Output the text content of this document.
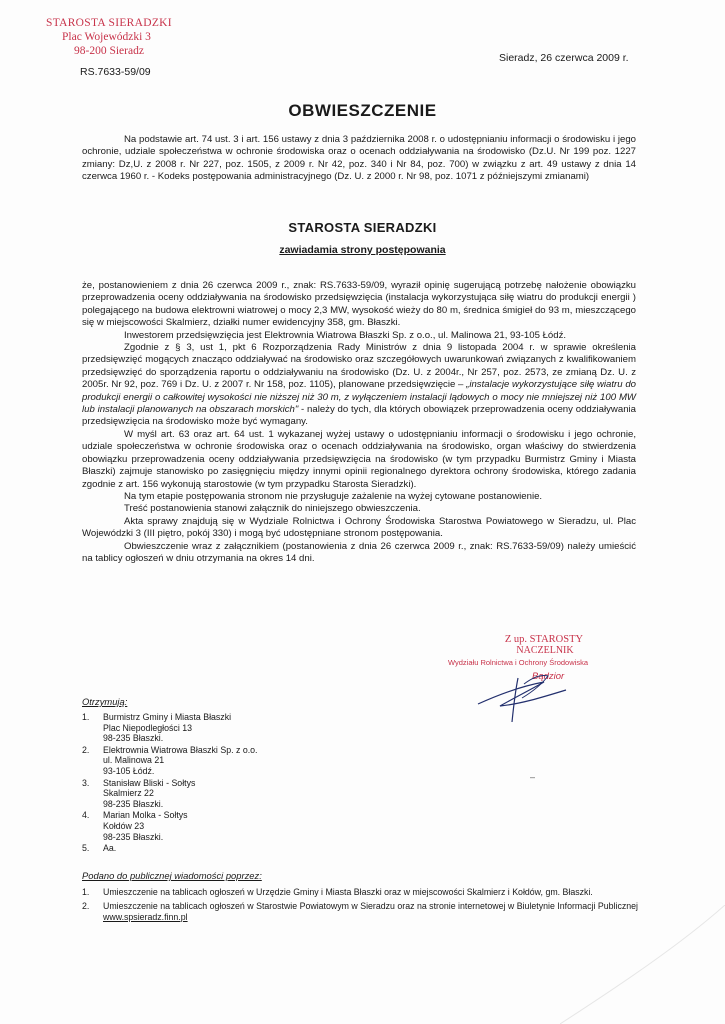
STAROSTA SIERADZKI
Plac Wojewódzki 3
98-200 Sieradz
RS.7633-59/09
Sieradz, 26 czerwca 2009 r.
OBWIESZCZENIE
Na podstawie art. 74 ust. 3 i art. 156 ustawy z dnia 3 października 2008 r. o udostępnianiu informacji o środowisku i jego ochronie, udziale społeczeństwa w ochronie środowiska oraz o ocenach oddziaływania na środowisko (Dz.U. Nr 199 poz. 1227 zmiany: Dz,U. z 2008 r. Nr 227, poz. 1505, z 2009 r. Nr 42, poz. 340 i Nr 84, poz. 700) w związku z art. 49 ustawy z dnia 14 czerwca 1960 r. - Kodeks postępowania administracyjnego (Dz. U. z 2000 r. Nr 98, poz. 1071 z późniejszymi zmianami)
STAROSTA SIERADZKI
zawiadamia strony postępowania

że, postanowieniem z dnia 26 czerwca 2009 r., znak: RS.7633-59/09, wyraził opinię sugerującą potrzebę nałożenie obowiązku przeprowadzenia oceny oddziaływania na środowisko przedsięwzięcia (instalacja wykorzystująca siłę wiatru do produkcji energii ) polegającego na budowa elektrowni wiatrowej o mocy 2,3 MW, wysokość wieży do 80 m, średnica śmigieł do 93 m, mieszczącego się w miejscowości Skalmierz, działki numer ewidencyjny 358, gm. Błaszki.

Inwestorem przedsięwzięcia jest Elektrownia Wiatrowa Błaszki Sp. z o.o., ul. Malinowa 21, 93-105 Łódź.

Zgodnie z § 3, ust 1, pkt 6 Rozporządzenia Rady Ministrów z dnia 9 listopada 2004 r. w sprawie określenia przedsięwzięć mogących znacząco oddziaływać na środowisko oraz szczegółowych uwarunkowań związanych z kwalifikowaniem przedsięwzięć do sporządzenia raportu o oddziaływaniu na środowisko (Dz. U. z 2004r., Nr 257, poz. 2573, ze zmianą Dz. U. z 2005r. Nr 92, poz. 769 i Dz. U. z 2007 r. Nr 158, poz. 1105), planowane przedsięwzięcie – „instalacje wykorzystujące siłę wiatru do produkcji energii o całkowitej wysokości nie niższej niż 30 m, z wyłączeniem instalacji lądowych o mocy nie mniejszej niż 100 MW lub instalacji planowanych na obszarach morskich" - należy do tych, dla których obowiązek przeprowadzenia oceny oddziaływania przedsięwzięcia na środowisko może być wymagany.

W myśl art. 63 oraz art. 64 ust. 1 wykazanej wyżej ustawy o udostępnianiu informacji o środowisku i jego ochronie, udziale społeczeństwa w ochronie środowiska oraz o ocenach oddziaływania na środowisko, organ właściwy do stwierdzenia obowiązku przeprowadzenia oceny oddziaływania przedsięwzięcia na środowisko (w tym przypadku Burmistrz Gminy i Miasta Błaszki) zajmuje stanowisko po zasięgnięciu między innymi opinii regionalnego dyrektora ochrony środowiska, którego zadania zgodnie z art. 156 wykonują starostowie (w tym przypadku Starosta Sieradzki).

Na tym etapie postępowania stronom nie przysługuje zażalenie na wyżej cytowane postanowienie.

Treść postanowienia stanowi załącznik do niniejszego obwieszczenia.

Akta sprawy znajdują się w Wydziale Rolnictwa i Ochrony Środowiska Starostwa Powiatowego w Sieradzu, ul. Plac Wojewódzki 3 (III piętro, pokój 330) i mogą być udostępniane stronom postępowania.

Obwieszczenie wraz z załącznikiem (postanowienia z dnia 26 czerwca 2009 r., znak: RS.7633-59/09) należy umieścić na tablicy ogłoszeń w dniu otrzymania na okres 14 dni.

Z up. STAROSTY
NACZELNIK
Wydziału Rolnictwa i Ochrony Środowiska
Bądzior
Otrzymują:
1.	Burmistrz Gminy i Miasta Błaszki
Plac Niepodległości 13
98-235 Błaszki.
2.	Elektrownia Wiatrowa Błaszki Sp. z o.o.
ul. Malinowa 21
93-105 Łódź.
3.	Stanisław Bliski - Sołtys
Skalmierz 22
98-235 Błaszki.
4.	Marian Molka - Sołtys
Kołdów 23
98-235 Błaszki.
5.	Aa.
–
Podano do publicznej wiadomości poprzez:
1.	Umieszczenie na tablicach ogłoszeń w Urzędzie Gminy i Miasta Błaszki oraz w miejscowości Skalmierz i Kołdów, gm. Błaszki.
2.	Umieszczenie na tablicach ogłoszeń w Starostwie Powiatowym w Sieradzu oraz na stronie internetowej w Biuletynie Informacji Publicznej www.spsieradz.finn.pl
